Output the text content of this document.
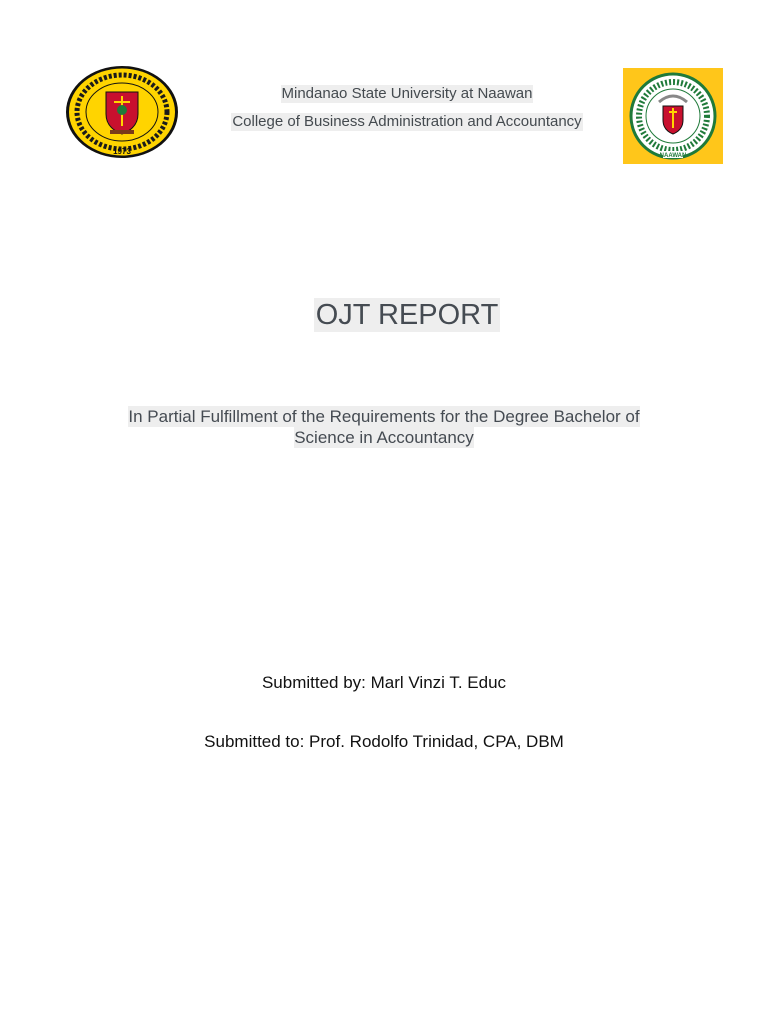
1973	NAAWAN
Mindanao State University at Naawan
College of Business Administration and Accountancy
OJT REPORT
In Partial Fulfillment of the Requirements for the Degree Bachelor of
Science in Accountancy
Submitted by: Marl Vinzi T. Educ
Submitted to: Prof. Rodolfo Trinidad, CPA, DBM
